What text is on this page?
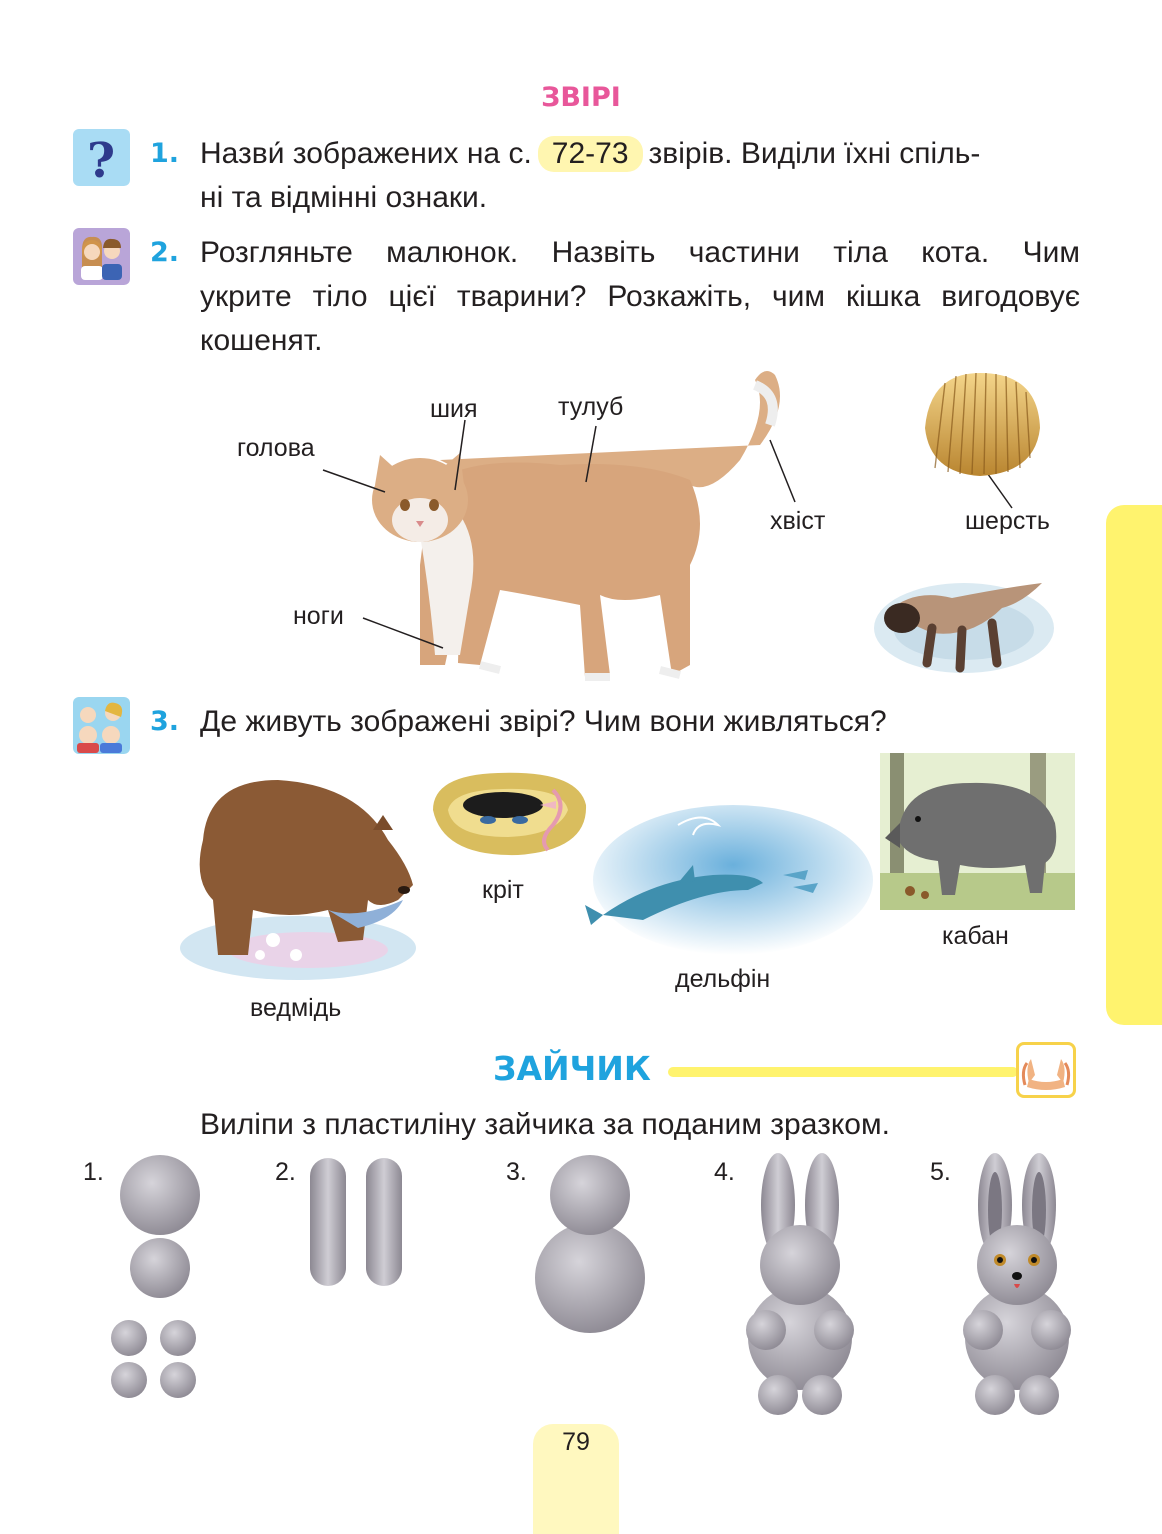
ЗВІРІ
? 1. Назви́ зображених на с. 72-73 звірів. Виділи їхні спіль-
ні та відмінні ознаки.
2. Розгляньте малюнок. Назвіть частини тіла кота. Чим
укрите тіло цієї тварини? Розкажіть, чим кішка вигодовує
кошенят.
голова
шия	тулуб
хвіст
ноги
шерсть
3. Де живуть зображені звірі? Чим вони живляться?
ведмідь
кріт
дельфін
кабан
ЗАЙЧИК
Виліпи з пластиліну зайчика за поданим зразком.
1.	2.	3.	4.	5.
79
